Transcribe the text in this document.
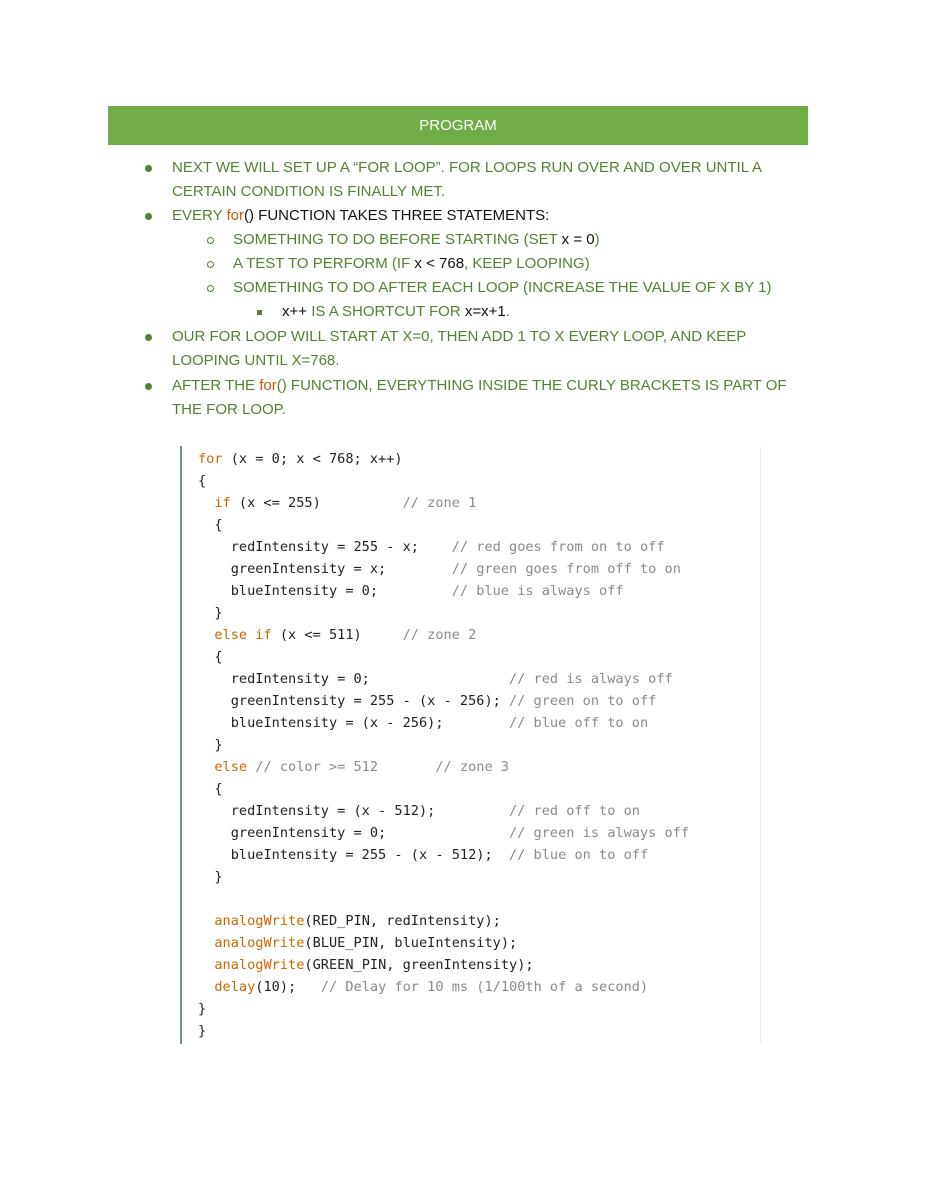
PROGRAM
NEXT WE WILL SET UP A “FOR LOOP”. FOR LOOPS RUN OVER AND OVER UNTIL A CERTAIN CONDITION IS FINALLY MET.
EVERY for() FUNCTION TAKES THREE STATEMENTS:
SOMETHING TO DO BEFORE STARTING (SET x = 0)
A TEST TO PERFORM (IF x < 768, KEEP LOOPING)
SOMETHING TO DO AFTER EACH LOOP (INCREASE THE VALUE OF X BY 1)
x++ IS A SHORTCUT FOR x=x+1.
OUR FOR LOOP WILL START AT X=0, THEN ADD 1 TO X EVERY LOOP, AND KEEP LOOPING UNTIL X=768.
AFTER THE for() FUNCTION, EVERYTHING INSIDE THE CURLY BRACKETS IS PART OF THE FOR LOOP.
for (x = 0; x < 768; x++)
{
if (x <= 255)          // zone 1
{
redIntensity = 255 - x;    // red goes from on to off
greenIntensity = x;        // green goes from off to on
blueIntensity = 0;         // blue is always off
}
else if (x <= 511)     // zone 2
{
redIntensity = 0;                 // red is always off
greenIntensity = 255 - (x - 256); // green on to off
blueIntensity = (x - 256);        // blue off to on
}
else // color >= 512       // zone 3
{
redIntensity = (x - 512);         // red off to on
greenIntensity = 0;               // green is always off
blueIntensity = 255 - (x - 512);  // blue on to off
}
analogWrite(RED_PIN, redIntensity);
analogWrite(BLUE_PIN, blueIntensity);
analogWrite(GREEN_PIN, greenIntensity);
delay(10);   // Delay for 10 ms (1/100th of a second)
}
}
